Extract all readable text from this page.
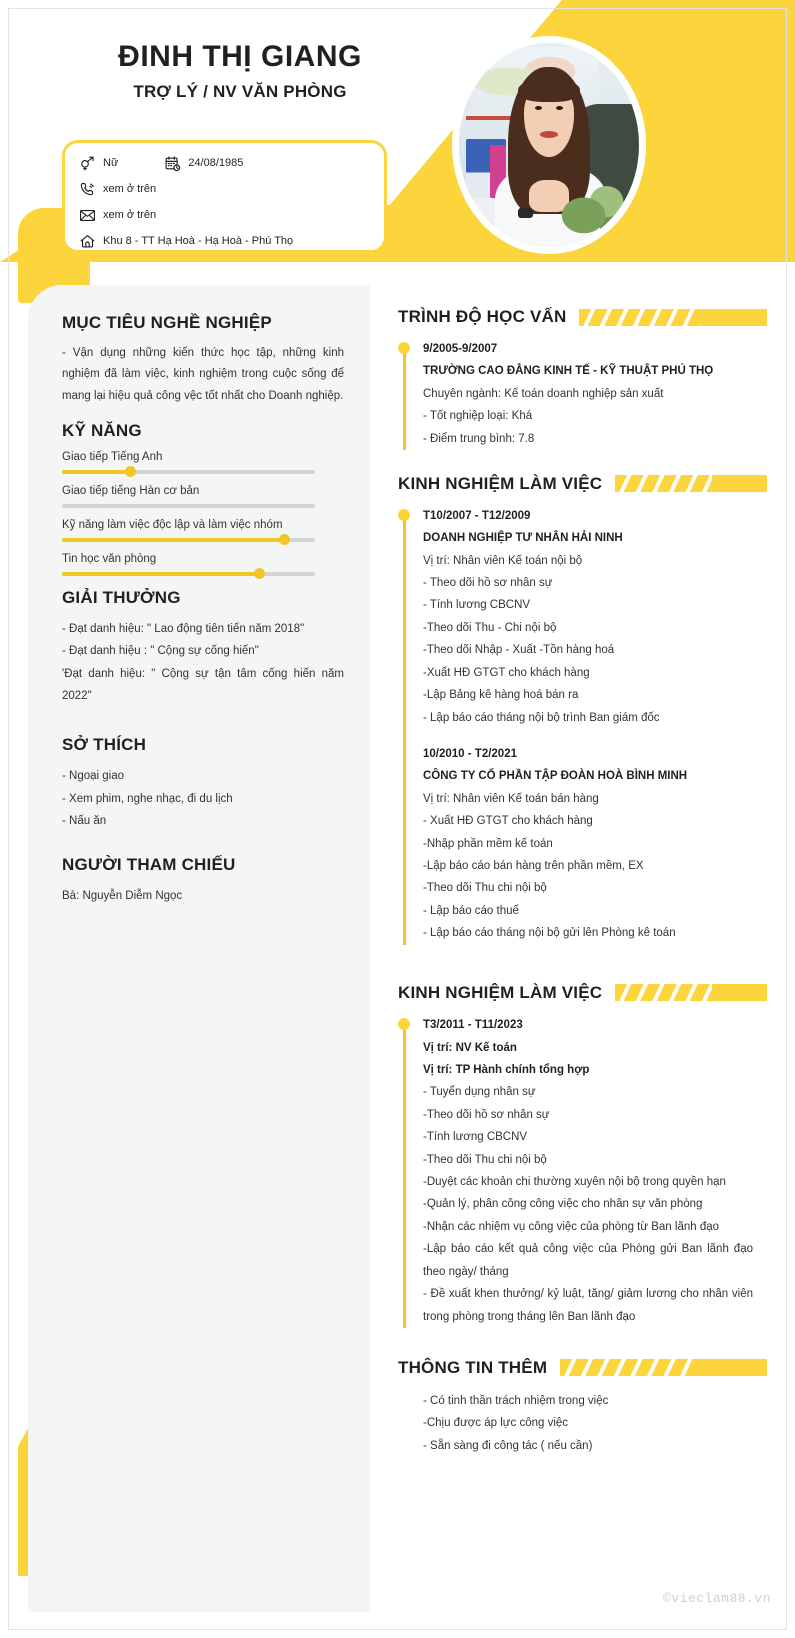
ĐINH THỊ GIANG
TRỢ LÝ / NV VĂN PHÒNG
Nữ	24/08/1985
xem ở trên
xem ở trên
Khu 8 - TT Hạ Hoà - Hạ Hoà - Phú Thọ
MỤC TIÊU NGHỀ NGHIỆP
- Vận dụng những kiến thức học tập, những kinh nghiệm đã làm việc, kinh nghiệm trong cuộc sống để mang lại hiệu quả công vệc tốt nhất cho Doanh nghiệp.
KỸ NĂNG
Giao tiếp Tiếng Anh
Giao tiếp tiếng Hàn cơ bản
Kỹ năng làm việc độc lập và làm việc nhóm
Tin học văn phòng
GIẢI THƯỞNG
- Đạt danh hiệu: " Lao động tiên tiến năm 2018"
- Đạt danh hiệu : " Cộng sự cống hiến"
'Đạt danh hiệu: " Cộng sự tận tâm cống hiến năm 2022"
SỞ THÍCH
- Ngoại giao
- Xem phim, nghe nhạc, đi du lịch
- Nấu ăn
NGƯỜI THAM CHIẾU
Bà: Nguyễn Diễm Ngọc
TRÌNH ĐỘ HỌC VẤN
9/2005-9/2007
TRƯỜNG CAO ĐẲNG KINH TẾ - KỸ THUẬT PHÚ THỌ
Chuyên ngành: Kế toán doanh nghiệp sản xuất
- Tốt nghiệp loại: Khá
- Điểm trung bình: 7.8
KINH NGHIỆM LÀM VIỆC
T10/2007 - T12/2009
DOANH NGHIỆP TƯ NHÂN HẢI NINH
Vị trí: Nhân viên Kế toán nội bộ
- Theo dõi hồ sơ nhân sự
- Tính lương CBCNV
-Theo dõi Thu - Chi nội bộ
-Theo dõi Nhập - Xuất -Tồn hàng hoá
-Xuất HĐ GTGT cho khách hàng
-Lập Bảng kê hàng hoá bán ra
- Lập báo cáo tháng nội bộ trình Ban giám đốc
10/2010 - T2/2021
CÔNG TY CỔ PHẦN TẬP ĐOÀN HOÀ BÌNH MINH
Vị trí: Nhân viên Kế toán bán hàng
- Xuất HĐ GTGT cho khách hàng
-Nhập phần mềm kế toán
-Lập báo cáo bán hàng trên phần mềm, EX
-Theo dõi Thu chi nội bộ
- Lập báo cáo thuế
- Lập báo cáo tháng nội bộ gửi lên Phòng kê toán
KINH NGHIỆM LÀM VIỆC
T3/2011 - T11/2023
Vị trí: NV Kế toán
Vị trí: TP Hành chính tổng hợp
- Tuyển dụng nhân sự
-Theo dõi hồ sơ nhân sự
-Tính lương CBCNV
-Theo dõi Thu chi nội bộ
-Duyệt các khoản chi thường xuyên nội bộ trong quyền hạn
-Quản lý, phân công công việc cho nhân sự văn phòng
-Nhận các nhiệm vụ công việc của phòng từ Ban lãnh đạo
-Lập báo cáo kết quả công việc của Phòng gửi Ban lãnh đạo theo ngày/ tháng
- Đề xuất khen thưởng/ kỷ luật, tăng/ giảm lương cho nhân viên trong phòng trong tháng lên Ban lãnh đạo
THÔNG TIN THÊM
- Có tinh thần trách nhiệm trong việc
-Chịu được áp lực công việc
- Sẵn sàng đi công tác ( nếu cần)
©vieclam88.vn
